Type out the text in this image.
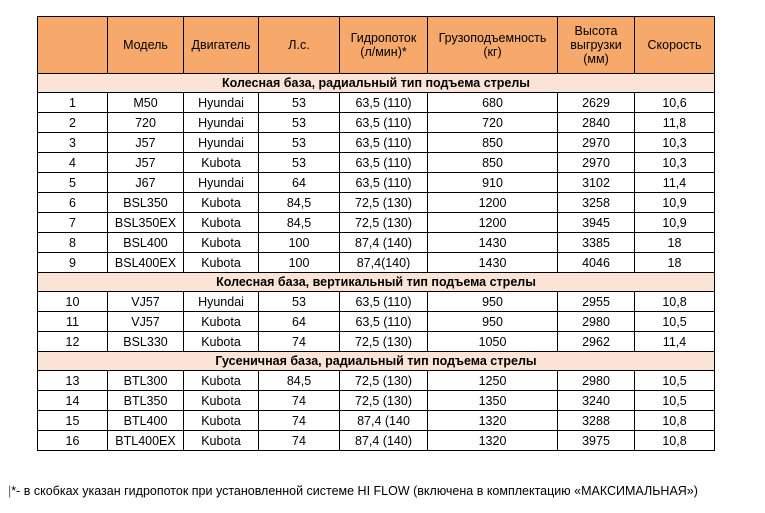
	Модель	Двигатель	Л.с.	Гидропоток (л/мин)*	Грузоподъемность (кг)	Высота выгрузки (мм)	Скорость
Колесная база, радиальный тип подъема стрелы							
1	M50	Hyundai	53	63,5 (110)	680	2629	10,6
2	720	Hyundai	53	63,5 (110)	720	2840	11,8
3	J57	Hyundai	53	63,5 (110)	850	2970	10,3
4	J57	Kubota	53	63,5 (110)	850	2970	10,3
5	J67	Hyundai	64	63,5 (110)	910	3102	11,4
6	BSL350	Kubota	84,5	72,5 (130)	1200	3258	10,9
7	BSL350EX	Kubota	84,5	72,5 (130)	1200	3945	10,9
8	BSL400	Kubota	100	87,4 (140)	1430	3385	18
9	BSL400EX	Kubota	100	87,4(140)	1430	4046	18
Колесная база, вертикальный тип подъема стрелы							
10	VJ57	Hyundai	53	63,5 (110)	950	2955	10,8
11	VJ57	Kubota	64	63,5 (110)	950	2980	10,5
12	BSL330	Kubota	74	72,5 (130)	1050	2962	11,4
Гусеничная база, радиальный тип подъема стрелы							
13	BTL300	Kubota	84,5	72,5 (130)	1250	2980	10,5
14	BTL350	Kubota	74	72,5 (130)	1350	3240	10,5
15	BTL400	Kubota	74	87,4 (140	1320	3288	10,8
16	BTL400EX	Kubota	74	87,4 (140)	1320	3975	10,8
|*- в скобках указан гидропоток при установленной системе HI FLOW (включена в комплектацию «МАКСИМАЛЬНАЯ»)
